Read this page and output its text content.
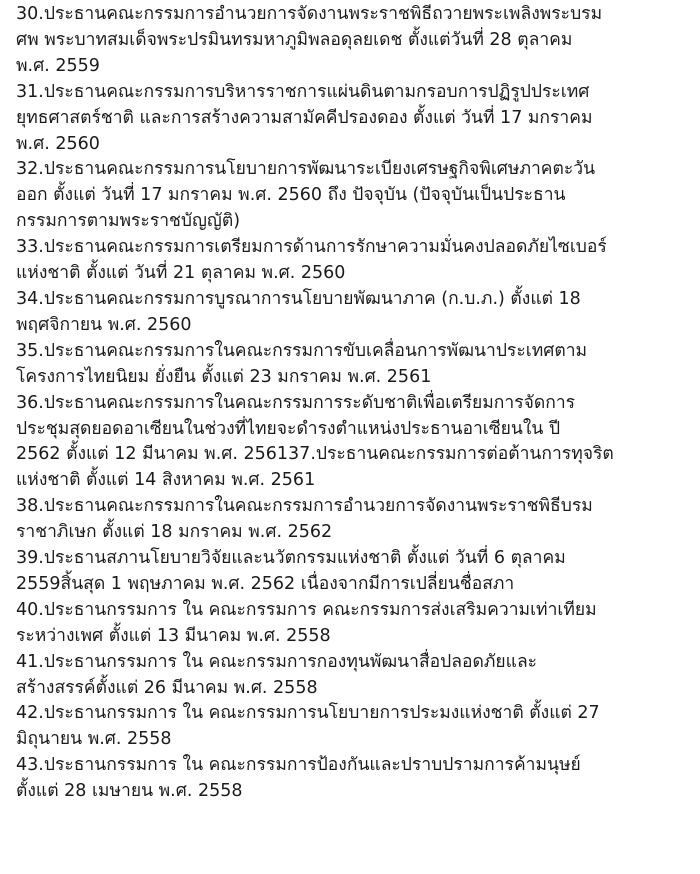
30.ประธานคณะกรรมการอำนวยการจัดงานพระราชพิธีถวายพระเพลิงพระบรม
ศพ พระบาทสมเด็จพระปรมินทรมหาภูมิพลอดุลยเดช ตั้งแต่วันที่ 28 ตุลาคม
พ.ศ. 2559
31.ประธานคณะกรรมการบริหารราชการแผ่นดินตามกรอบการปฏิรูปประเทศ
ยุทธศาสตร์ชาติ และการสร้างความสามัคคีปรองดอง ตั้งแต่ วันที่ 17 มกราคม
พ.ศ. 2560
32.ประธานคณะกรรมการนโยบายการพัฒนาระเบียงเศรษฐกิจพิเศษภาคตะวัน
ออก ตั้งแต่ วันที่ 17 มกราคม พ.ศ. 2560 ถึง ปัจจุบัน (ปัจจุบันเป็นประธาน
กรรมการตามพระราชบัญญัติ)
33.ประธานคณะกรรมการเตรียมการด้านการรักษาความมั่นคงปลอดภัยไซเบอร์
แห่งชาติ ตั้งแต่ วันที่ 21 ตุลาคม พ.ศ. 2560
34.ประธานคณะกรรมการบูรณาการนโยบายพัฒนาภาค (ก.บ.ภ.) ตั้งแต่ 18
พฤศจิกายน พ.ศ. 2560
35.ประธานคณะกรรมการในคณะกรรมการขับเคลื่อนการพัฒนาประเทศตาม
โครงการไทยนิยม ยั่งยืน ตั้งแต่ 23 มกราคม พ.ศ. 2561
36.ประธานคณะกรรมการในคณะกรรมการระดับชาติเพื่อเตรียมการจัดการ
ประชุมสุดยอดอาเซียนในช่วงที่ไทยจะดำรงตำแหน่งประธานอาเซียนใน ปี
2562 ตั้งแต่ 12 มีนาคม พ.ศ. 256137.ประธานคณะกรรมการต่อต้านการทุจริต
แห่งชาติ ตั้งแต่ 14 สิงหาคม พ.ศ. 2561
38.ประธานคณะกรรมการในคณะกรรมการอำนวยการจัดงานพระราชพิธีบรม
ราชาภิเษก ตั้งแต่ 18 มกราคม พ.ศ. 2562
39.ประธานสภานโยบายวิจัยและนวัตกรรมแห่งชาติ ตั้งแต่ วันที่ 6 ตุลาคม
2559สิ้นสุด 1 พฤษภาคม พ.ศ. 2562 เนื่องจากมีการเปลี่ยนชื่อสภา
40.ประธานกรรมการ ใน คณะกรรมการ คณะกรรมการส่งเสริมความเท่าเทียม
ระหว่างเพศ ตั้งแต่ 13 มีนาคม พ.ศ. 2558
41.ประธานกรรมการ ใน คณะกรรมการกองทุนพัฒนาสื่อปลอดภัยและ
สร้างสรรค์ตั้งแต่ 26 มีนาคม พ.ศ. 2558
42.ประธานกรรมการ ใน คณะกรรมการนโยบายการประมงแห่งชาติ ตั้งแต่ 27
มิถุนายน พ.ศ. 2558
43.ประธานกรรมการ ใน คณะกรรมการป้องกันและปราบปรามการค้ามนุษย์
ตั้งแต่ 28 เมษายน พ.ศ. 2558
้               ่
